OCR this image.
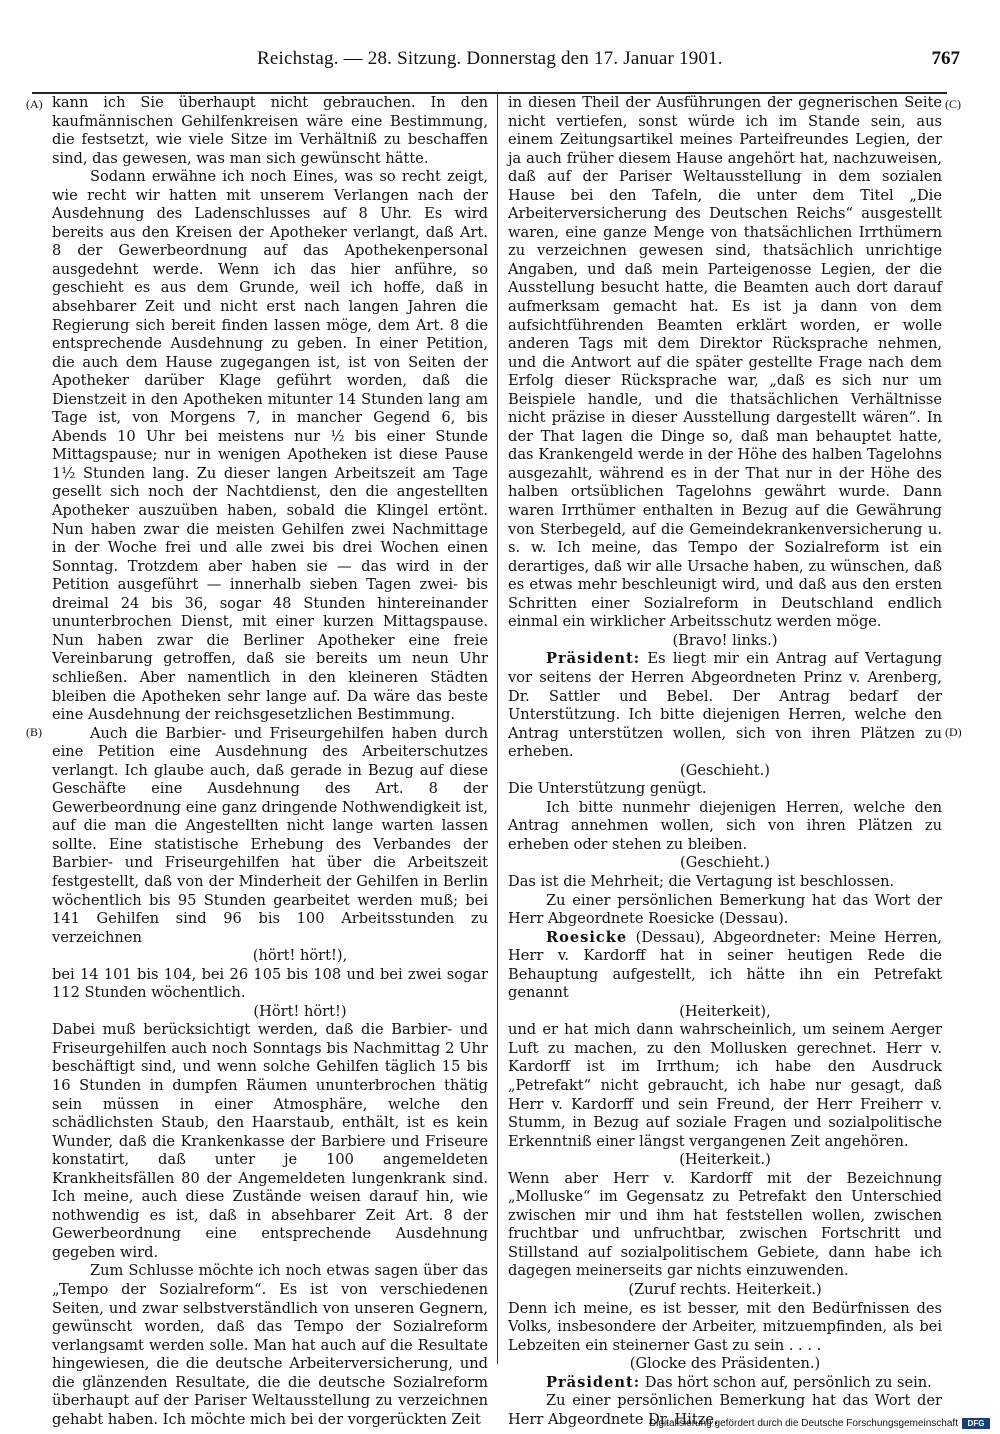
Reichstag. — 28. Sitzung. Donnerstag den 17. Januar 1901.	767
(A)
(B)
(C)
(D)

kann ich Sie überhaupt nicht gebrauchen. In den kaufmännischen Gehilfenkreisen wäre eine Bestimmung, die festsetzt, wie viele Sitze im Verhältniß zu beschaffen sind, das gewesen, was man sich gewünscht hätte.

Sodann erwähne ich noch Eines, was so recht zeigt, wie recht wir hatten mit unserem Verlangen nach der Ausdehnung des Ladenschlusses auf 8 Uhr. Es wird bereits aus den Kreisen der Apotheker verlangt, daß Art. 8 der Gewerbeordnung auf das Apothekenpersonal ausgedehnt werde. Wenn ich das hier anführe, so geschieht es aus dem Grunde, weil ich hoffe, daß in absehbarer Zeit und nicht erst nach langen Jahren die Regierung sich bereit finden lassen möge, dem Art. 8 die entsprechende Ausdehnung zu geben. In einer Petition, die auch dem Hause zugegangen ist, ist von Seiten der Apotheker darüber Klage geführt worden, daß die Dienstzeit in den Apotheken mitunter 14 Stunden lang am Tage ist, von Morgens 7, in mancher Gegend 6, bis Abends 10 Uhr bei meistens nur ½ bis einer Stunde Mittagspause; nur in wenigen Apotheken ist diese Pause 1½ Stunden lang. Zu dieser langen Arbeitszeit am Tage gesellt sich noch der Nachtdienst, den die angestellten Apotheker auszuüben haben, sobald die Klingel ertönt. Nun haben zwar die meisten Gehilfen zwei Nachmittage in der Woche frei und alle zwei bis drei Wochen einen Sonntag. Trotzdem aber haben sie — das wird in der Petition ausgeführt — innerhalb sieben Tagen zwei- bis dreimal 24 bis 36, sogar 48 Stunden hintereinander ununterbrochen Dienst, mit einer kurzen Mittagspause. Nun haben zwar die Berliner Apotheker eine freie Vereinbarung getroffen, daß sie bereits um neun Uhr schließen. Aber namentlich in den kleineren Städten bleiben die Apotheken sehr lange auf. Da wäre das beste eine Ausdehnung der reichsgesetzlichen Bestimmung.

Auch die Barbier- und Friseurgehilfen haben durch eine Petition eine Ausdehnung des Arbeiterschutzes verlangt. Ich glaube auch, daß gerade in Bezug auf diese Geschäfte eine Ausdehnung des Art. 8 der Gewerbeordnung eine ganz dringende Nothwendigkeit ist, auf die man die Angestellten nicht lange warten lassen sollte. Eine statistische Erhebung des Verbandes der Barbier- und Friseurgehilfen hat über die Arbeitszeit festgestellt, daß von der Minderheit der Gehilfen in Berlin wöchentlich bis 95 Stunden gearbeitet werden muß; bei 141 Gehilfen sind 96 bis 100 Arbeitsstunden zu verzeichnen

(hört! hört!),

bei 14 101 bis 104, bei 26 105 bis 108 und bei zwei sogar 112 Stunden wöchentlich.

(Hört! hört!)

Dabei muß berücksichtigt werden, daß die Barbier- und Friseurgehilfen auch noch Sonntags bis Nachmittag 2 Uhr beschäftigt sind, und wenn solche Gehilfen täglich 15 bis 16 Stunden in dumpfen Räumen ununterbrochen thätig sein müssen in einer Atmosphäre, welche den schädlichsten Staub, den Haarstaub, enthält, ist es kein Wunder, daß die Krankenkasse der Barbiere und Friseure konstatirt, daß unter je 100 angemeldeten Krankheitsfällen 80 der Angemeldeten lungenkrank sind. Ich meine, auch diese Zustände weisen darauf hin, wie nothwendig es ist, daß in absehbarer Zeit Art. 8 der Gewerbeordnung eine entsprechende Ausdehnung gegeben wird.

Zum Schlusse möchte ich noch etwas sagen über das „Tempo der Sozialreform“. Es ist von verschiedenen Seiten, und zwar selbstverständlich von unseren Gegnern, gewünscht worden, daß das Tempo der Sozialreform verlangsamt werden solle. Man hat auch auf die Resultate hingewiesen, die die deutsche Arbeiterversicherung, und die glänzenden Resultate, die die deutsche Sozialreform überhaupt auf der Pariser Weltausstellung zu verzeichnen gehabt haben. Ich möchte mich bei der vorgerückten Zeit

in diesen Theil der Ausführungen der gegnerischen Seite nicht vertiefen, sonst würde ich im Stande sein, aus einem Zeitungsartikel meines Parteifreundes Legien, der ja auch früher diesem Hause angehört hat, nachzuweisen, daß auf der Pariser Weltausstellung in dem sozialen Hause bei den Tafeln, die unter dem Titel „Die Arbeiterversicherung des Deutschen Reichs“ ausgestellt waren, eine ganze Menge von thatsächlichen Irrthümern zu verzeichnen gewesen sind, thatsächlich unrichtige Angaben, und daß mein Parteigenosse Legien, der die Ausstellung besucht hatte, die Beamten auch dort darauf aufmerksam gemacht hat. Es ist ja dann von dem aufsichtführenden Beamten erklärt worden, er wolle anderen Tags mit dem Direktor Rücksprache nehmen, und die Antwort auf die später gestellte Frage nach dem Erfolg dieser Rücksprache war, „daß es sich nur um Beispiele handle, und die thatsächlichen Verhältnisse nicht präzise in dieser Ausstellung dargestellt wären“. In der That lagen die Dinge so, daß man behauptet hatte, das Krankengeld werde in der Höhe des halben Tagelohns ausgezahlt, während es in der That nur in der Höhe des halben ortsüblichen Tagelohns gewährt wurde. Dann waren Irrthümer enthalten in Bezug auf die Gewährung von Sterbegeld, auf die Gemeindekrankenversicherung u. s. w. Ich meine, das Tempo der Sozialreform ist ein derartiges, daß wir alle Ursache haben, zu wünschen, daß es etwas mehr beschleunigt wird, und daß aus den ersten Schritten einer Sozialreform in Deutschland endlich einmal ein wirklicher Arbeitsschutz werden möge.

(Bravo! links.)

Präsident: Es liegt mir ein Antrag auf Vertagung vor seitens der Herren Abgeordneten Prinz v. Arenberg, Dr. Sattler und Bebel. Der Antrag bedarf der Unterstützung. Ich bitte diejenigen Herren, welche den Antrag unterstützen wollen, sich von ihren Plätzen zu erheben.

(Geschieht.)

Die Unterstützung genügt.

Ich bitte nunmehr diejenigen Herren, welche den Antrag annehmen wollen, sich von ihren Plätzen zu erheben oder stehen zu bleiben.

(Geschieht.)

Das ist die Mehrheit; die Vertagung ist beschlossen.

Zu einer persönlichen Bemerkung hat das Wort der Herr Abgeordnete Roesicke (Dessau).

Roesicke (Dessau), Abgeordneter: Meine Herren, Herr v. Kardorff hat in seiner heutigen Rede die Behauptung aufgestellt, ich hätte ihn ein Petrefakt genannt

(Heiterkeit),

und er hat mich dann wahrscheinlich, um seinem Aerger Luft zu machen, zu den Mollusken gerechnet. Herr v. Kardorff ist im Irrthum; ich habe den Ausdruck „Petrefakt“ nicht gebraucht, ich habe nur gesagt, daß Herr v. Kardorff und sein Freund, der Herr Freiherr v. Stumm, in Bezug auf soziale Fragen und sozialpolitische Erkenntniß einer längst vergangenen Zeit angehören.

(Heiterkeit.)

Wenn aber Herr v. Kardorff mit der Bezeichnung „Molluske“ im Gegensatz zu Petrefakt den Unterschied zwischen mir und ihm hat feststellen wollen, zwischen fruchtbar und unfruchtbar, zwischen Fortschritt und Stillstand auf sozialpolitischem Gebiete, dann habe ich dagegen meinerseits gar nichts einzuwenden.

(Zuruf rechts. Heiterkeit.)

Denn ich meine, es ist besser, mit den Bedürfnissen des Volks, insbesondere der Arbeiter, mitzuempfinden, als bei Lebzeiten ein steinerner Gast zu sein . . . .

(Glocke des Präsidenten.)

Präsident: Das hört schon auf, persönlich zu sein.

Zu einer persönlichen Bemerkung hat das Wort der Herr Abgeordnete Dr. Hitze.

Digitalisierung gefördert durch die Deutsche Forschungsgemeinschaft	DFG
